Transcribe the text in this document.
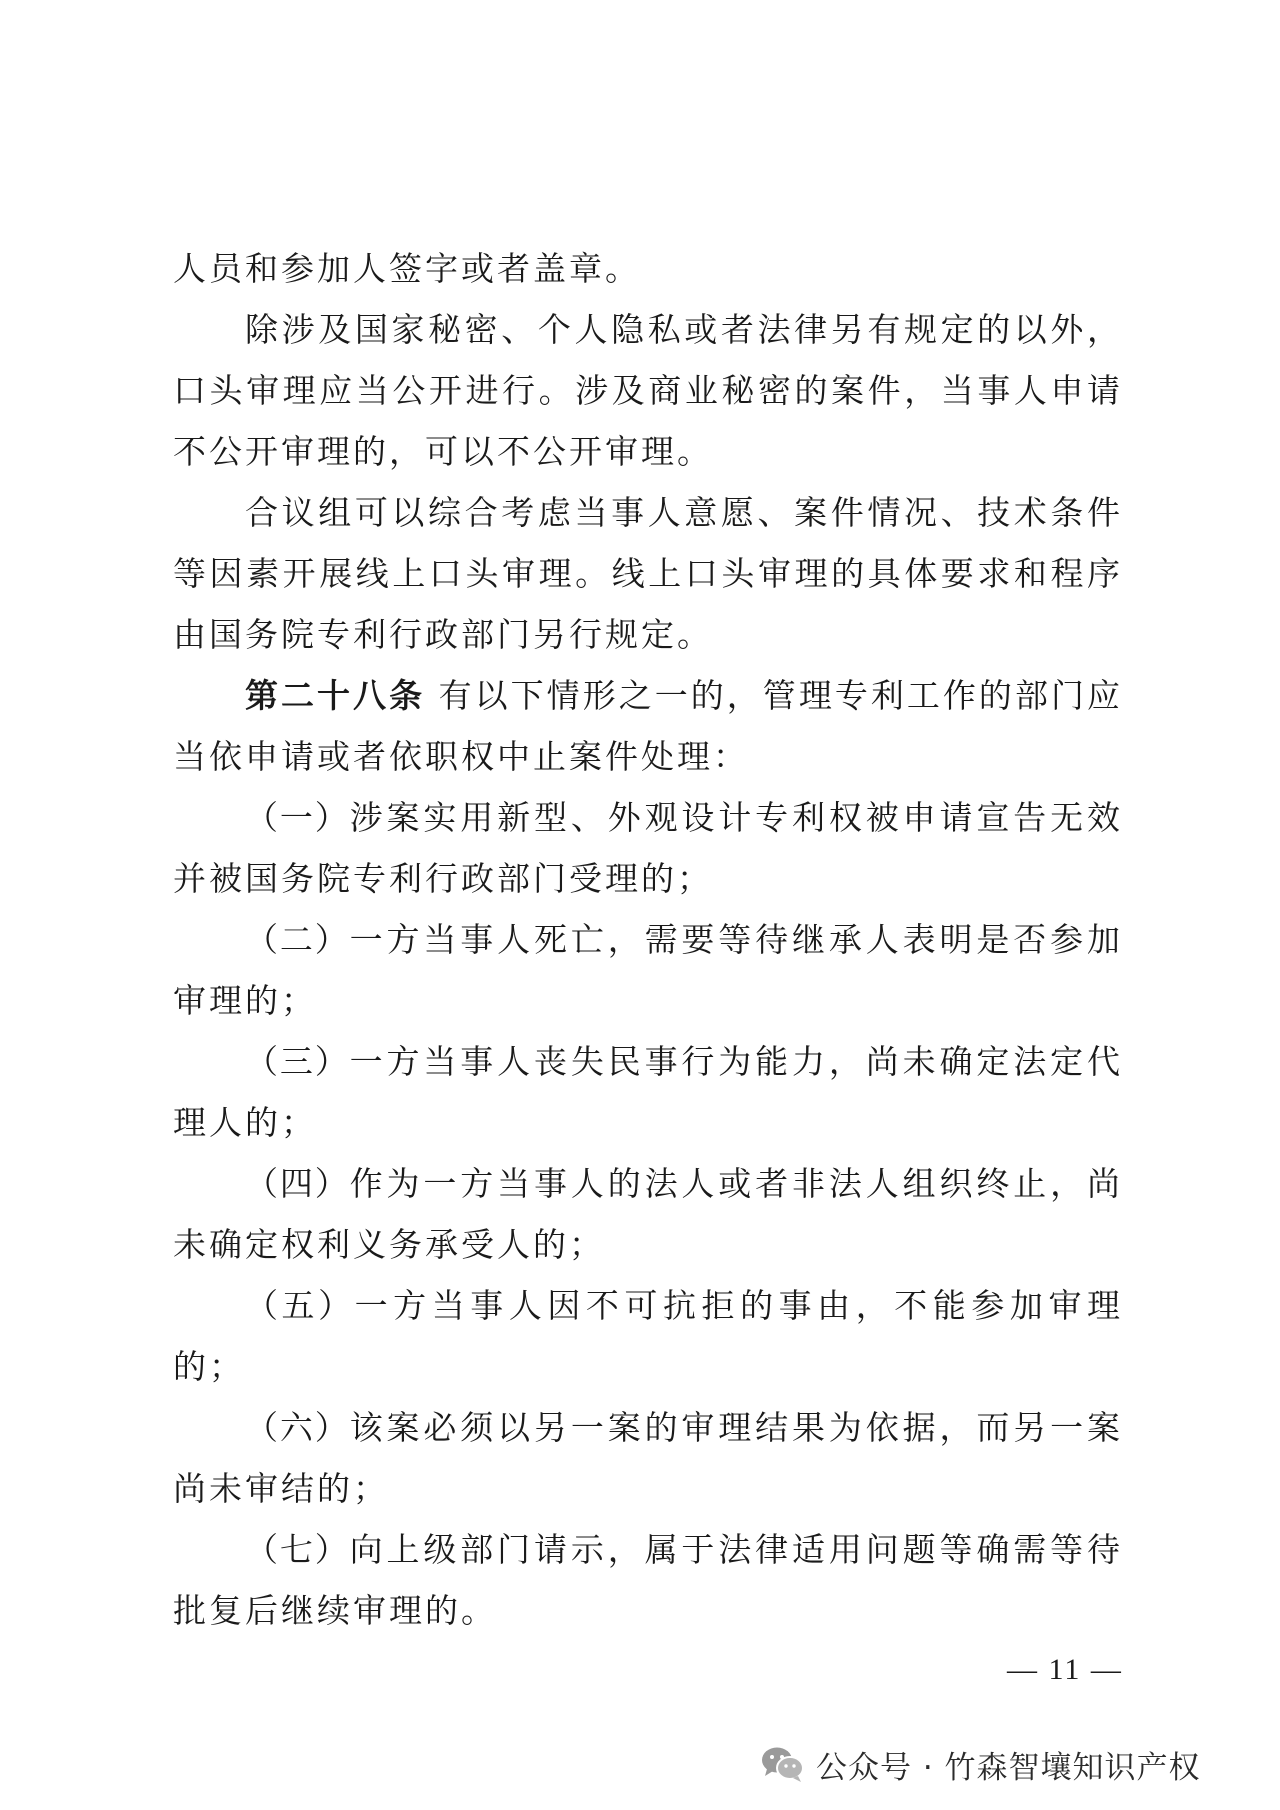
人员和参加人签字或者盖章。

除涉及国家秘密、个人隐私或者法律另有规定的以外，口头审理应当公开进行。涉及商业秘密的案件，当事人申请不公开审理的，可以不公开审理。

合议组可以综合考虑当事人意愿、案件情况、技术条件等因素开展线上口头审理。线上口头审理的具体要求和程序由国务院专利行政部门另行规定。

第二十八条 有以下情形之一的，管理专利工作的部门应当依申请或者依职权中止案件处理：

（一）涉案实用新型、外观设计专利权被申请宣告无效并被国务院专利行政部门受理的；

（二）一方当事人死亡，需要等待继承人表明是否参加审理的；

（三）一方当事人丧失民事行为能力，尚未确定法定代理人的；

（四）作为一方当事人的法人或者非法人组织终止，尚未确定权利义务承受人的；

（五）一方当事人因不可抗拒的事由，不能参加审理的；

（六）该案必须以另一案的审理结果为依据，而另一案尚未审结的；

（七）向上级部门请示，属于法律适用问题等确需等待批复后继续审理的。

— 11 —
公众号 · 竹森智壤知识产权
